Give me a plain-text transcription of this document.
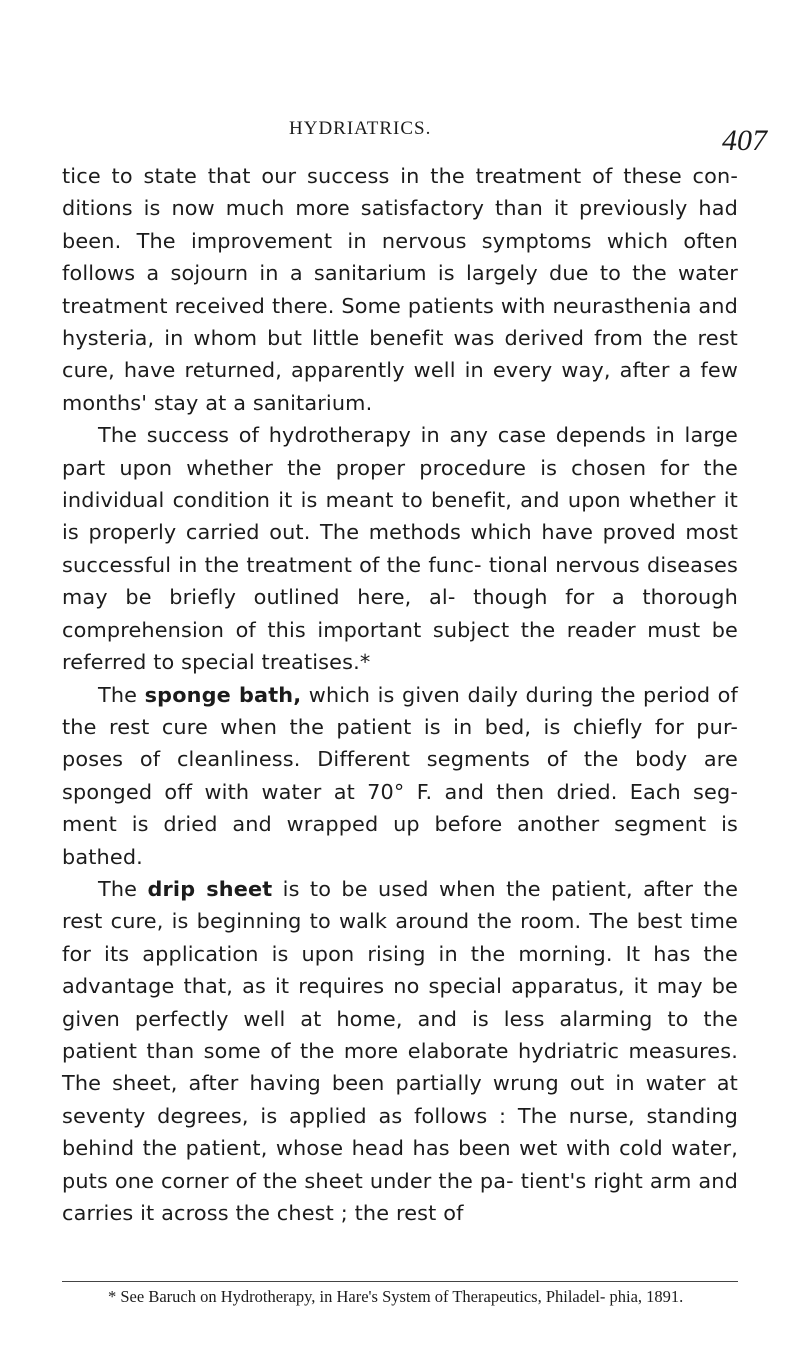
HYDRIATRICS.	407

tice to state that our success in the treatment of these con- ditions is now much more satisfactory than it previously had been. The improvement in nervous symptoms which often follows a sojourn in a sanitarium is largely due to the water treatment received there. Some patients with neurasthenia and hysteria, in whom but little benefit was derived from the rest cure, have returned, apparently well in every way, after a few months' stay at a sanitarium.

The success of hydrotherapy in any case depends in large part upon whether the proper procedure is chosen for the individual condition it is meant to benefit, and upon whether it is properly carried out. The methods which have proved most successful in the treatment of the func- tional nervous diseases may be briefly outlined here, al- though for a thorough comprehension of this important subject the reader must be referred to special treatises.*

The sponge bath, which is given daily during the period of the rest cure when the patient is in bed, is chiefly for pur- poses of cleanliness. Different segments of the body are sponged off with water at 70° F. and then dried. Each seg- ment is dried and wrapped up before another segment is bathed.

The drip sheet is to be used when the patient, after the rest cure, is beginning to walk around the room. The best time for its application is upon rising in the morning. It has the advantage that, as it requires no special apparatus, it may be given perfectly well at home, and is less alarming to the patient than some of the more elaborate hydriatric measures. The sheet, after having been partially wrung out in water at seventy degrees, is applied as follows : The nurse, standing behind the patient, whose head has been wet with cold water, puts one corner of the sheet under the pa- tient's right arm and carries it across the chest ; the rest of

* See Baruch on Hydrotherapy, in Hare's System of Therapeutics, Philadel- phia, 1891.
